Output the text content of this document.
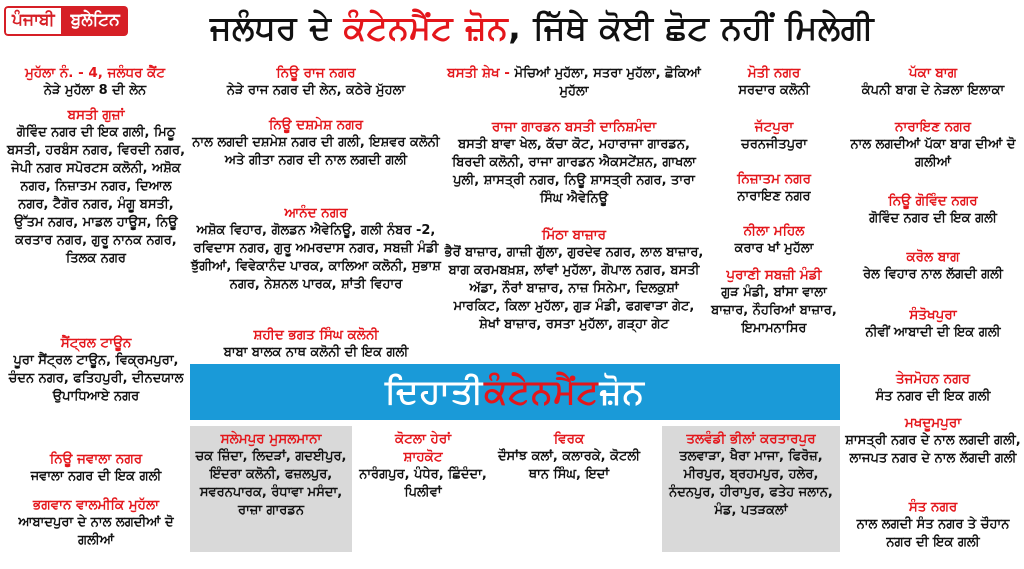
ਪੰਜਾਬੀ ਬੁਲੇਟਿਨ	ਜਲੰਧਰ ਦੇ ਕੰਟੇਨਮੈਂਟ ਜ਼ੋਨ, ਜਿੱਥੇ ਕੋਈ ਛੋਟ ਨਹੀਂ ਮਿਲੇਗੀ
ਮੁਹੱਲਾ ਨੰ. - 4, ਜਲੰਧਰ ਕੈਂਟ
ਨੇੜੇ ਮੁਹੱਲਾ 8 ਦੀ ਲੇਨ
ਬਸਤੀ ਗੁਜ਼ਾਂ
ਗੋਵਿੰਦ ਨਗਰ ਦੀ ਇਕ ਗਲੀ, ਮਿਠੂ ਬਸਤੀ, ਹਰਬੰਸ ਨਗਰ, ਵਿਰਦੀ ਨਗਰ, ਜੇਪੀ ਨਗਰ ਸਪੋਰਟਸ ਕਲੋਨੀ, ਅਸ਼ੋਕ ਨਗਰ, ਨਿਜ਼ਾਤਮ ਨਗਰ, ਦਿਆਲ ਨਗਰ, ਟੈਗੋਰ ਨਗਰ, ਮੰਗੂ ਬਸਤੀ, ਉੱਤਮ ਨਗਰ, ਮਾਡਲ ਹਾਊਸ, ਨਿਊ ਕਰਤਾਰ ਨਗਰ, ਗੁਰੂ ਨਾਨਕ ਨਗਰ, ਤਿਲਕ ਨਗਰ
ਸੈਂਟ੍ਰਲ ਟਾਊਨ
ਪੂਰਾ ਸੈਂਟ੍ਰਲ ਟਾਊਨ, ਵਿਕ੍ਰਮਪੁਰਾ, ਚੰਦਨ ਨਗਰ, ਫਤਿਹਪੁਰੀ, ਦੀਨਦਯਾਲ ਉਪਾਧਿਆਏ ਨਗਰ
ਨਿਊ ਜਵਾਲਾ ਨਗਰ
ਜਵਾਲਾ ਨਗਰ ਦੀ ਇਕ ਗਲੀ
ਭਗਵਾਨ ਵਾਲਮੀਕਿ ਮੁਹੱਲਾ
ਆਬਾਦਪੁਰਾ ਦੇ ਨਾਲ ਲਗਦੀਆਂ ਦੋ ਗਲੀਆਂ
ਨਿਊ ਰਾਜ ਨਗਰ
ਨੇੜੇ ਰਾਜ ਨਗਰ ਦੀ ਲੇਨ, ਕਠੇਰੇ ਮੁੱਹਲਾ
ਨਿਊ ਦਸ਼ਮੇਸ਼ ਨਗਰ
ਨਾਲ ਲਗਦੀ ਦਸ਼ਮੇਸ਼ ਨਗਰ ਦੀ ਗਲੀ, ਇਸ਼ਵਰ ਕਲੋਨੀ ਅਤੇ ਗੀਤਾ ਨਗਰ ਦੀ ਨਾਲ ਲਗਦੀ ਗਲੀ
ਆਨੰਦ ਨਗਰ
ਅਸ਼ੋਕ ਵਿਹਾਰ, ਗੋਲਡਨ ਐਵੇਨਿਊ, ਗਲੀ ਨੰਬਰ -2, ਰਵਿਦਾਸ ਨਗਰ, ਗੁਰੂ ਅਮਰਦਾਸ ਨਗਰ, ਸਬਜ਼ੀ ਮੰਡੀ ਝੁੱਗੀਆਂ, ਵਿਵੇਕਾਨੰਦ ਪਾਰਕ, ਕਾਲਿਆ ਕਲੋਨੀ, ਸੁਭਾਸ਼ ਨਗਰ, ਨੇਸ਼ਨਲ ਪਾਰਕ, ਸ਼ਾਂਤੀ ਵਿਹਾਰ
ਸ਼ਹੀਦ ਭਗਤ ਸਿੰਘ ਕਲੋਨੀ
ਬਾਬਾ ਬਾਲਕ ਨਾਥ ਕਲੋਨੀ ਦੀ ਇਕ ਗਲੀ
ਬਸਤੀ ਸ਼ੇਖ - ਮੋਚਿਆਂ ਮੁਹੱਲਾ, ਸਤਰਾ ਮੁਹੱਲਾ, ਛੋਕਿਆਂ ਮੁਹੱਲਾ
ਰਾਜਾ ਗਾਰਡਨ ਬਸਤੀ ਦਾਨਿਸ਼ਮੰਦਾ
ਬਸਤੀ ਬਾਵਾ ਖੇਲ, ਕੱਚਾ ਕੋਟ, ਮਹਾਰਾਜਾ ਗਾਰਡਨ, ਬਿਰਦੀ ਕਲੋਨੀ, ਰਾਜਾ ਗਾਰਡਨ ਐਕਸਟੇਂਸ਼ਨ, ਗਾਖਲਾ ਪੁਲੀ, ਸ਼ਾਸਤ੍ਰੀ ਨਗਰ, ਨਿਊ ਸ਼ਾਸਤ੍ਰੀ ਨਗਰ, ਤਾਰਾ ਸਿੰਘ ਐਵੇਨਿਊ
ਮਿੱਠਾ ਬਾਜ਼ਾਰ
ਭੈਰੋਂ ਬਾਜ਼ਾਰ, ਗਾਜ਼ੀ ਗੁੱਲਾ, ਗੁਰਦੇਵ ਨਗਰ, ਲਾਲ ਬਾਜ਼ਾਰ, ਬਾਗ ਕਰਮਬਖ਼ਸ਼, ਲਾਂਵਾਂ ਮੁਹੱਲਾ, ਗੋਪਾਲ ਨਗਰ, ਬਸਤੀ ਅੱਡਾ, ਨੌਰਾਂ ਬਾਜ਼ਾਰ, ਨਾਜ਼ ਸਿਨੇਮਾ, ਦਿਲਕੁਸ਼ਾਂ ਮਾਰਕਿਟ, ਕਿਲਾ ਮੁਹੱਲਾ, ਗੁੜ ਮੰਡੀ, ਫਗਵਾੜਾ ਗੇਟ, ਸ਼ੇਖਾਂ ਬਾਜ਼ਾਰ, ਰਸਤਾ ਮੁਹੱਲਾ, ਗੜ੍ਹਾ ਗੇਟ
ਮੋਤੀ ਨਗਰ
ਸਰਦਾਰ ਕਲੋਨੀ
ਜੱਟਪੁਰਾ
ਚਰਨਜੀਤਪੁਰਾ
ਨਿਜ਼ਾਤਮ ਨਗਰ
ਨਾਰਾਇਣ ਨਗਰ
ਨੀਲਾ ਮਹਿਲ
ਕਰਾਰ ਖਾਂ ਮੁਹੱਲਾ
ਪੁਰਾਣੀ ਸਬਜ਼ੀ ਮੰਡੀ
ਗੁੜ ਮੰਡੀ, ਬਾਂਸਾ ਵਾਲਾ ਬਾਜ਼ਾਰ, ਨੌਹਰਿਆਂ ਬਾਜ਼ਾਰ, ਇਮਾਮਨਾਸਿਰ
ਪੱਕਾ ਬਾਗ
ਕੰਪਨੀ ਬਾਗ ਦੇ ਨੇੜਲਾ ਇਲਾਕਾ
ਨਾਰਾਇਣ ਨਗਰ
ਨਾਲ ਲਗਦੀਆਂ ਪੱਕਾ ਬਾਗ ਦੀਆਂ ਦੋ ਗਲੀਆਂ
ਨਿਊ ਗੋਵਿੰਦ ਨਗਰ
ਗੋਵਿੰਦ ਨਗਰ ਦੀ ਇਕ ਗਲੀ
ਕਰੋਲ ਬਾਗ
ਰੇਲ ਵਿਹਾਰ ਨਾਲ ਲੱਗਦੀ ਗਲੀ
ਸੰਤੋਖਪੁਰਾ
ਨੀਵੀਂ ਆਬਾਦੀ ਦੀ ਇਕ ਗਲੀ
ਤੇਜਮੋਹਨ ਨਗਰ
ਸੰਤ ਨਗਰ ਦੀ ਇਕ ਗਲੀ
ਮਖਦੂਮਪੁਰਾ
ਸ਼ਾਸਤ੍ਰੀ ਨਗਰ ਦੇ ਨਾਲ ਲਗਦੀ ਗਲੀ, ਲਾਜਪਤ ਨਗਰ ਦੇ ਨਾਲ ਲੱਗਦੀ ਗਲੀ
ਸੰਤ ਨਗਰ
ਨਾਲ ਲਗਦੀ ਸੰਤ ਨਗਰ ਤੇ ਚੌਹਾਨ ਨਗਰ ਦੀ ਇਕ ਗਲੀ
ਦਿਹਾਤੀ ਕੰਟੇਨਮੈਂਟ ਜ਼ੋਨ
ਸਲੇਮਪੁਰ ਮੁਸਲਮਾਨਾ
ਚਕ ਜ਼ਿੰਦਾ, ਲਿਦੜਾਂ, ਗਦਈਪੁਰ, ਇੰਦਰਾ ਕਲੋਨੀ, ਫਜ਼ਲਪੁਰ, ਸਵਰਨਪਾਰਕ, ਰੰਧਾਵਾ ਮਸੰਦਾ, ਰਾਜ਼ਾ ਗਾਰਡਨ
ਕੋਟਲਾ ਹੇਰਾਂ
ਸ਼ਾਹਕੋਟ
ਨਾਰੰਗਪੁਰ, ਪੰਧੇਰ, ਛਿੰਦੰਦਾ, ਪਿਲੀਵਾਂ
ਵਿਰਕ
ਦੌਸਾਂਝ ਕਲਾਂ, ਕਲਾਰਕੇ, ਕੋਟਲੀ ਥਾਨ ਸਿੰਘ, ਇਦਾਂ
ਤਲਵੰਡੀ ਭੀਲਾਂ ਕਰਤਾਰਪੁਰ
ਤਲਵਾੜਾ, ਖੈਰਾ ਮਾਜਾ, ਫਿਰੋਜ਼, ਮੀਰਪੁਰ, ਬ੍ਰਹਮਪੁਰ, ਹਲੇਰ, ਨੰਦਨਪੁਰ, ਹੀਰਾਪੁਰ, ਫਤੇਹ ਜਲਾਨ, ਮੰਡ, ਪਤੜਕਲਾਂ
